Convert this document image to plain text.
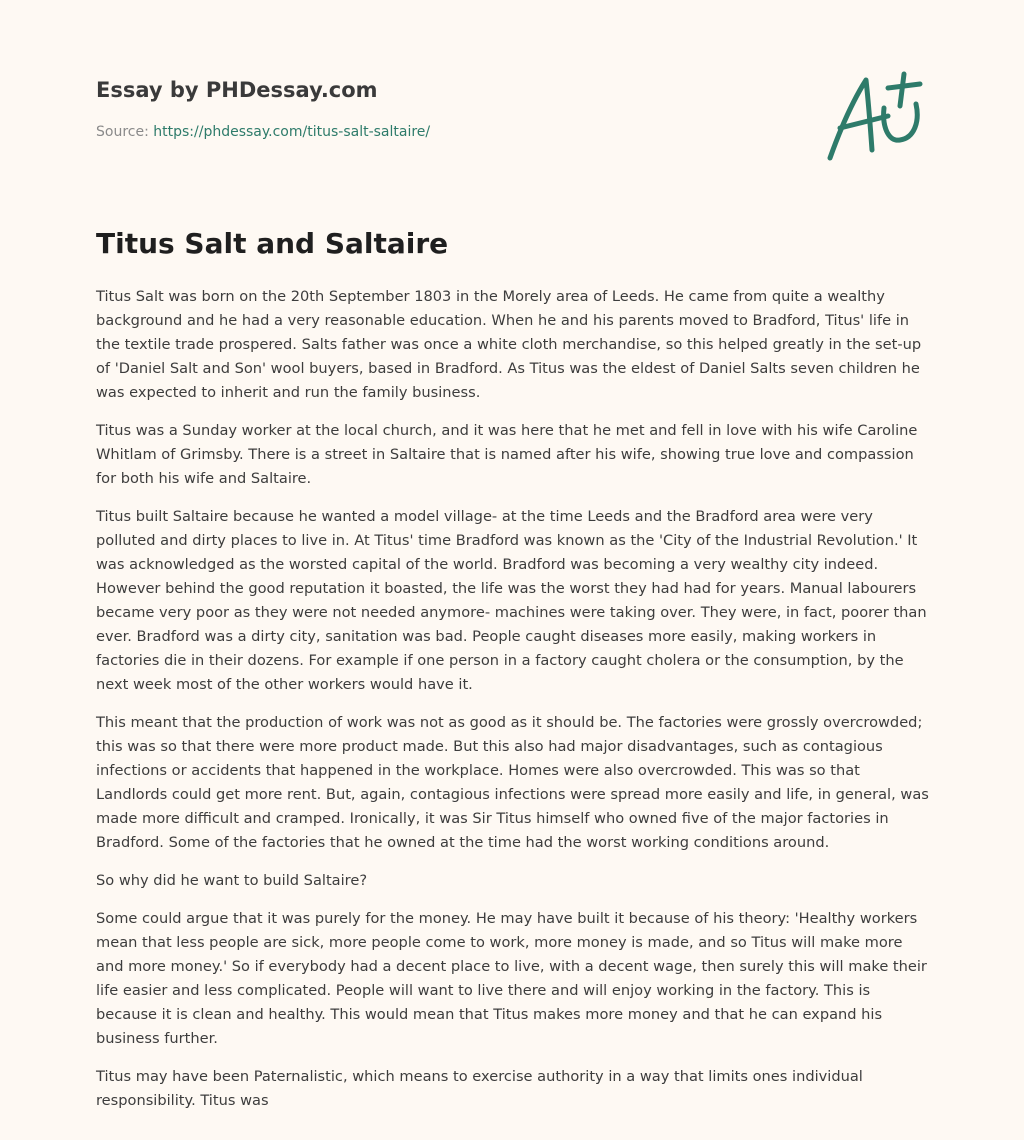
Essay by PHDessay.com
Source: https://phdessay.com/titus-salt-saltaire/
Titus Salt and Saltaire

Titus Salt was born on the 20th September 1803 in the Morely area of Leeds. He came from quite a wealthy background and he had a very reasonable education. When he and his parents moved to Bradford, Titus' life in the textile trade prospered. Salts father was once a white cloth merchandise, so this helped greatly in the set-up of 'Daniel Salt and Son' wool buyers, based in Bradford. As Titus was the eldest of Daniel Salts seven children he was expected to inherit and run the family business.

Titus was a Sunday worker at the local church, and it was here that he met and fell in love with his wife Caroline Whitlam of Grimsby. There is a street in Saltaire that is named after his wife, showing true love and compassion for both his wife and Saltaire.

Titus built Saltaire because he wanted a model village- at the time Leeds and the Bradford area were very polluted and dirty places to live in. At Titus' time Bradford was known as the 'City of the Industrial Revolution.' It was acknowledged as the worsted capital of the world. Bradford was becoming a very wealthy city indeed. However behind the good reputation it boasted, the life was the worst they had had for years. Manual labourers became very poor as they were not needed anymore- machines were taking over. They were, in fact, poorer than ever. Bradford was a dirty city, sanitation was bad. People caught diseases more easily, making workers in factories die in their dozens. For example if one person in a factory caught cholera or the consumption, by the next week most of the other workers would have it.

This meant that the production of work was not as good as it should be. The factories were grossly overcrowded; this was so that there were more product made. But this also had major disadvantages, such as contagious infections or accidents that happened in the workplace. Homes were also overcrowded. This was so that Landlords could get more rent. But, again, contagious infections were spread more easily and life, in general, was made more difficult and cramped. Ironically, it was Sir Titus himself who owned five of the major factories in Bradford. Some of the factories that he owned at the time had the worst working conditions around.

So why did he want to build Saltaire?

Some could argue that it was purely for the money. He may have built it because of his theory: 'Healthy workers mean that less people are sick, more people come to work, more money is made, and so Titus will make more and more money.' So if everybody had a decent place to live, with a decent wage, then surely this will make their life easier and less complicated. People will want to live there and will enjoy working in the factory. This is because it is clean and healthy. This would mean that Titus makes more money and that he can expand his business further.

Titus may have been Paternalistic, which means to exercise authority in a way that limits ones individual responsibility. Titus was
